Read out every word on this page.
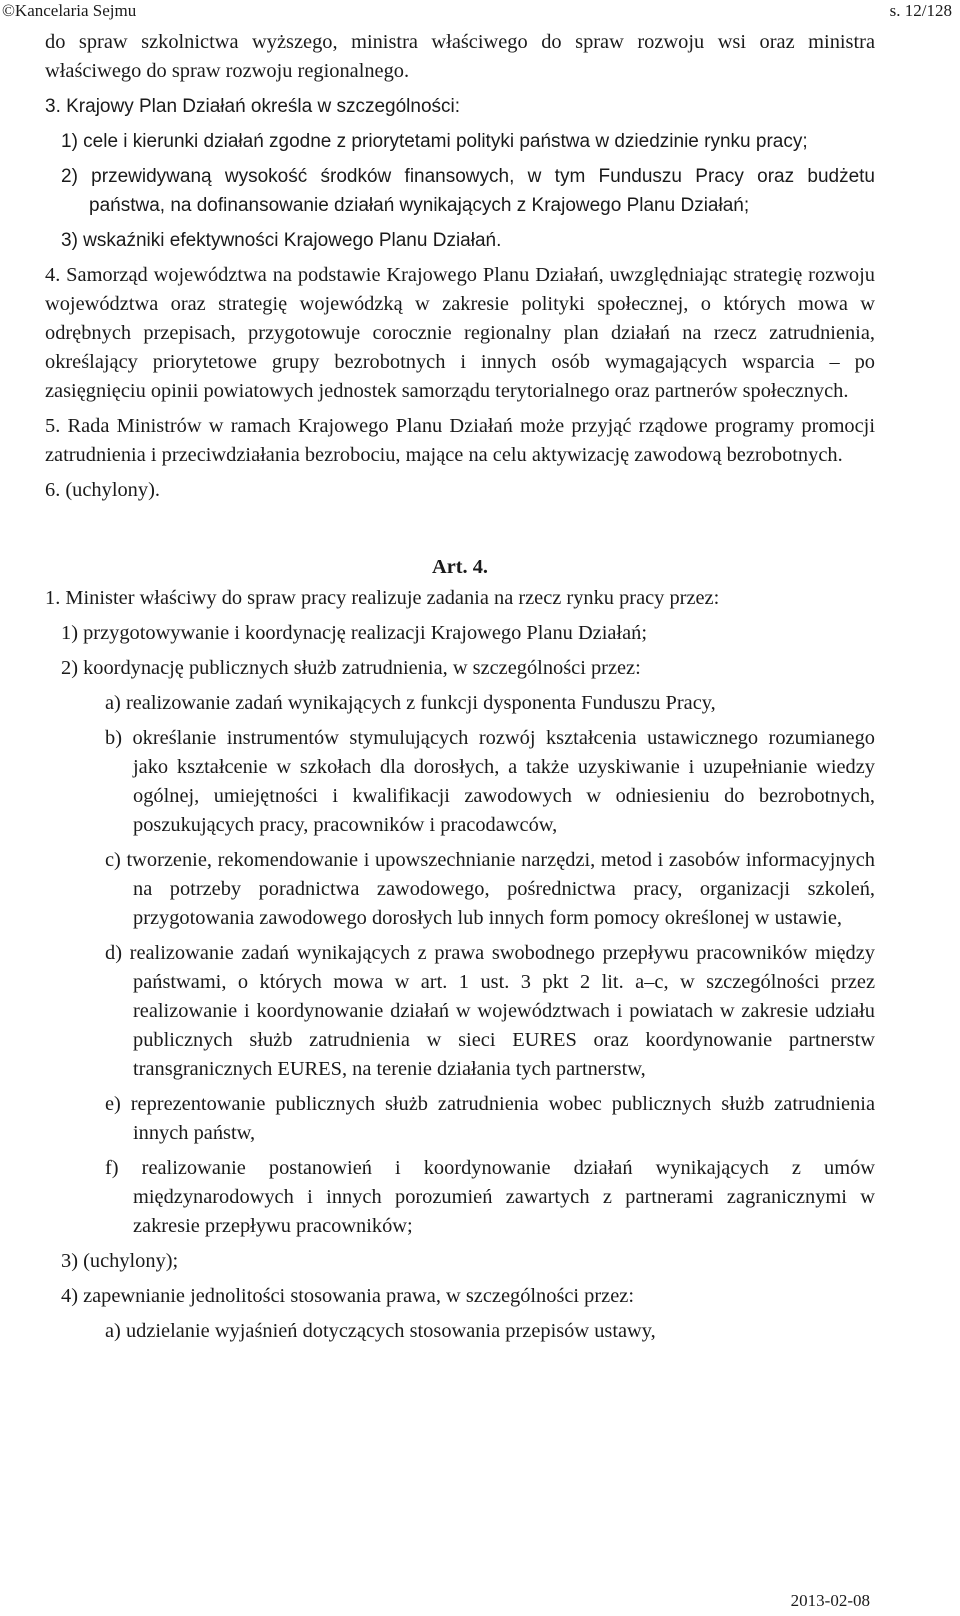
©Kancelaria Sejmu	s. 12/128

do spraw szkolnictwa wyższego, ministra właściwego do spraw rozwoju wsi oraz ministra właściwego do spraw rozwoju regionalnego.

3. Krajowy Plan Działań określa w szczególności:

1) cele i kierunki działań zgodne z priorytetami polityki państwa w dziedzinie rynku pracy;
2) przewidywaną wysokość środków finansowych, w tym Funduszu Pracy oraz budżetu państwa, na dofinansowanie działań wynikających z Krajowego Planu Działań;
3) wskaźniki efektywności Krajowego Planu Działań.

4. Samorząd województwa na podstawie Krajowego Planu Działań, uwzględniając strategię rozwoju województwa oraz strategię wojewódzką w zakresie polityki społecznej, o których mowa w odrębnych przepisach, przygotowuje corocznie regionalny plan działań na rzecz zatrudnienia, określający priorytetowe grupy bezrobotnych i innych osób wymagających wsparcia – po zasięgnięciu opinii powiatowych jednostek samorządu terytorialnego oraz partnerów społecznych.

5. Rada Ministrów w ramach Krajowego Planu Działań może przyjąć rządowe programy promocji zatrudnienia i przeciwdziałania bezrobociu, mające na celu aktywizację zawodową bezrobotnych.

6. (uchylony).

Art. 4.

1. Minister właściwy do spraw pracy realizuje zadania na rzecz rynku pracy przez:

1) przygotowywanie i koordynację realizacji Krajowego Planu Działań;
2) koordynację publicznych służb zatrudnienia, w szczególności przez:
a) realizowanie zadań wynikających z funkcji dysponenta Funduszu Pracy,
b) określanie instrumentów stymulujących rozwój kształcenia ustawicznego rozumianego jako kształcenie w szkołach dla dorosłych, a także uzyskiwanie i uzupełnianie wiedzy ogólnej, umiejętności i kwalifikacji zawodowych w odniesieniu do bezrobotnych, poszukujących pracy, pracowników i pracodawców,
c) tworzenie, rekomendowanie i upowszechnianie narzędzi, metod i zasobów informacyjnych na potrzeby poradnictwa zawodowego, pośrednictwa pracy, organizacji szkoleń, przygotowania zawodowego dorosłych lub innych form pomocy określonej w ustawie,
d) realizowanie zadań wynikających z prawa swobodnego przepływu pracowników między państwami, o których mowa w art. 1 ust. 3 pkt 2 lit. a–c, w szczególności przez realizowanie i koordynowanie działań w województwach i powiatach w zakresie udziału publicznych służb zatrudnienia w sieci EURES oraz koordynowanie partnerstw transgranicznych EURES, na terenie działania tych partnerstw,
e) reprezentowanie publicznych służb zatrudnienia wobec publicznych służb zatrudnienia innych państw,
f) realizowanie postanowień i koordynowanie działań wynikających z umów międzynarodowych i innych porozumień zawartych z partnerami zagranicznymi w zakresie przepływu pracowników;
3) (uchylony);
4) zapewnianie jednolitości stosowania prawa, w szczególności przez:
a) udzielanie wyjaśnień dotyczących stosowania przepisów ustawy,
2013-02-08
